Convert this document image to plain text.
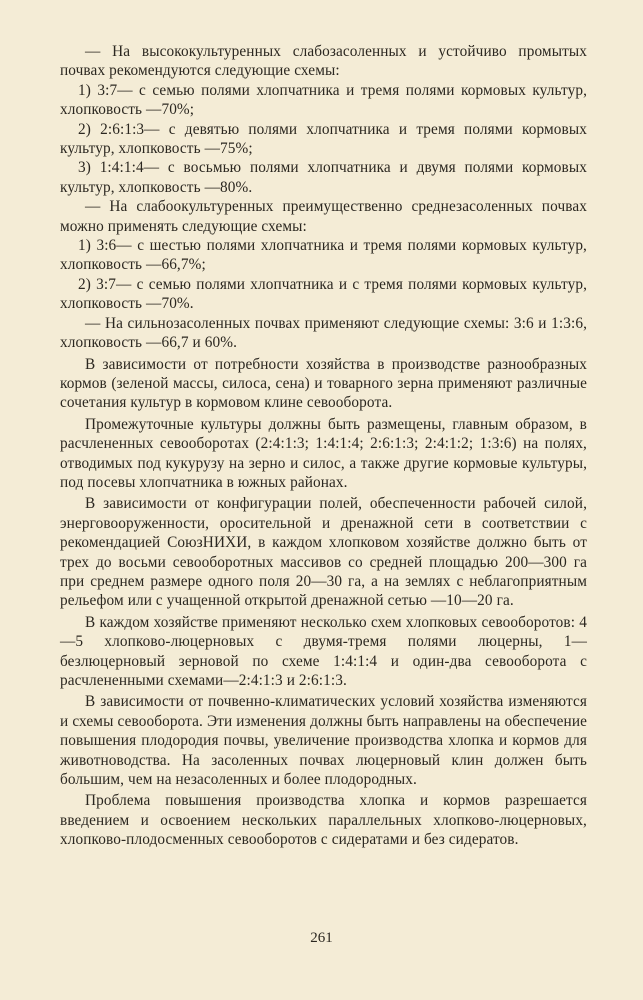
— На высококультуренных слабозасоленных и устойчиво промытых почвах рекомендуются следующие схемы:

1) 3:7— с семью полями хлопчатника и тремя полями кормовых культур, хлопковость —70%;

2) 2:6:1:3— с девятью полями хлопчатника и тремя полями кормовых культур, хлопковость —75%;

3) 1:4:1:4— с восьмью полями хлопчатника и двумя полями кормовых культур, хлопковость —80%.

— На слабоокультуренных преимущественно среднезасоленных почвах можно применять следующие схемы:

1) 3:6— с шестью полями хлопчатника и тремя полями кормовых культур, хлопковость —66,7%;

2) 3:7— с семью полями хлопчатника и с тремя полями кормовых культур, хлопковость —70%.

— На сильнозасоленных почвах применяют следующие схемы: 3:6 и 1:3:6, хлопковость —66,7 и 60%.

В зависимости от потребности хозяйства в производстве разнообразных кормов (зеленой массы, силоса, сена) и товарного зерна применяют различные сочетания культур в кормовом клине севооборота.

Промежуточные культуры должны быть размещены, главным образом, в расчлененных севооборотах (2:4:1:3; 1:4:1:4; 2:6:1:3; 2:4:1:2; 1:3:6) на полях, отводимых под кукурузу на зерно и силос, а также другие кормовые культуры, под посевы хлопчатника в южных районах.

В зависимости от конфигурации полей, обеспеченности рабочей силой, энерговооруженности, оросительной и дренажной сети в соответствии с рекомендацией СоюзНИХИ, в каждом хлопковом хозяйстве должно быть от трех до восьми севооборотных массивов со средней площадью 200—300 га при среднем размере одного поля 20—30 га, а на землях с неблагоприятным рельефом или с учащенной открытой дренажной сетью —10—20 га.

В каждом хозяйстве применяют несколько схем хлопковых севооборотов: 4—5 хлопково-люцерновых с двумя-тремя полями люцерны, 1— безлюцерновый зерновой по схеме 1:4:1:4 и один-два севооборота с расчлененными схемами—2:4:1:3 и 2:6:1:3.

В зависимости от почвенно-климатических условий хозяйства изменяются и схемы севооборота. Эти изменения должны быть направлены на обеспечение повышения плодородия почвы, увеличение производства хлопка и кормов для животноводства. На засоленных почвах люцерновый клин должен быть большим, чем на незасоленных и более плодородных.

Проблема повышения производства хлопка и кормов разрешается введением и освоением нескольких параллельных хлопково-люцерновых, хлопково-плодосменных севооборотов с сидератами и без сидератов.

261
